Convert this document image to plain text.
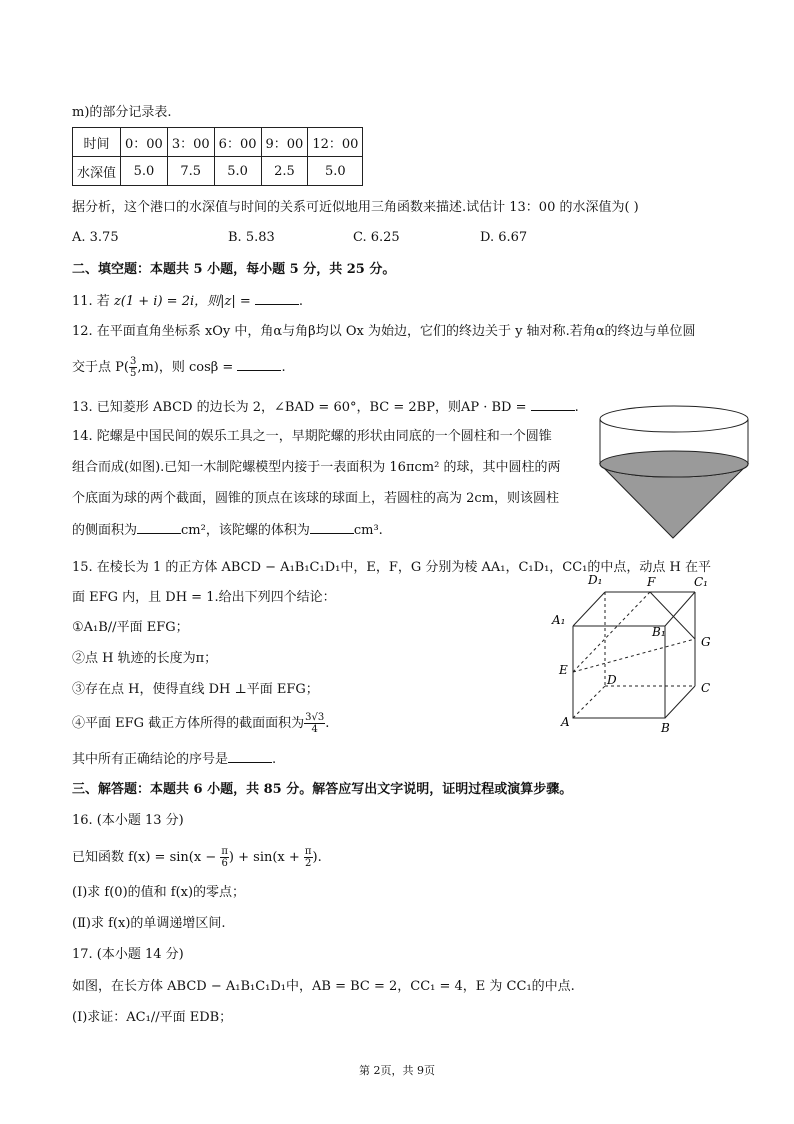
m)的部分记录表.
时间	0：00	3：00	6：00	9：00	12：00
水深值	5.0	7.5	5.0	2.5	5.0
据分析，这个港口的水深值与时间的关系可近似地用三角函数来描述.试估计 13：00 的水深值为( )
A. 3.75	B. 5.83	C. 6.25	D. 6.67
二、填空题：本题共 5 小题，每小题 5 分，共 25 分。
11. 若 z(1 + i) = 2i，则|z| =	.
12. 在平面直角坐标系 xOy 中，角α与角β均以 Ox 为始边，它们的终边关于 y 轴对称.若角α的终边与单位圆
交于点 $P( \frac{3}{5} ,m)$，则 cosβ =	.
13. 已知菱形 ABCD 的边长为 2，∠BAD = 60°，BC = 2BP，则AP · BD =	.
14. 陀螺是中国民间的娱乐工具之一，早期陀螺的形状由同底的一个圆柱和一个圆锥
组合而成(如图).已知一木制陀螺模型内接于一表面积为 16πcm² 的球，其中圆柱的两
个底面为球的两个截面，圆锥的顶点在该球的球面上，若圆柱的高为 2cm，则该圆柱
的侧面积为	cm²，该陀螺的体积为	cm³.
15. 在棱长为 1 的正方体 ABCD − A₁B₁C₁D₁中，E，F，G 分别为棱 AA₁，C₁D₁，CC₁的中点，动点 H 在平
面 EFG 内，且 DH = 1.给出下列四个结论：
①A₁B//平面 EFG；
②点 H 轨迹的长度为π；
③存在点 H，使得直线 DH ⊥平面 EFG；
④平面 EFG 截正方体所得的截面面积为 $\frac{3√3}{4}$ .
其中所有正确结论的序号是	.
D₁	F	C₁
A₁
B₁
G
E
D
C
A	B
三、解答题：本题共 6 小题，共 85 分。解答应写出文字说明，证明过程或演算步骤。
16. (本小题 13 分)
已知函数 $f(x) = \sin(x - \frac{\pi}{6}$ ) + $\sin(x + \frac{\pi}{2}$ ).
(Ⅰ)求 f(0)的值和 f(x)的零点；
(Ⅱ)求 f(x)的单调递增区间.
17. (本小题 14 分)
如图，在长方体 ABCD − A₁B₁C₁D₁中，AB = BC = 2，CC₁ = 4，E 为 CC₁的中点.
(Ⅰ)求证：AC₁//平面 EDB；
第 2页，共 9页
